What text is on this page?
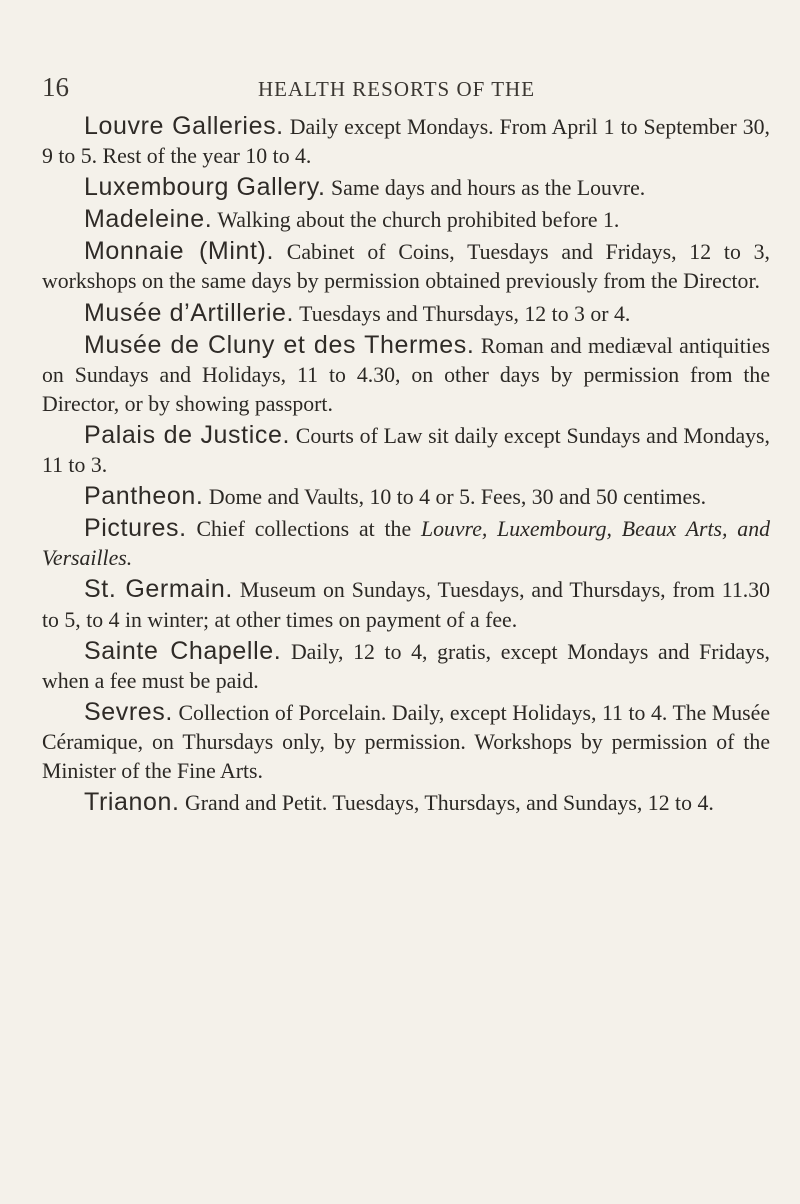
16	HEALTH RESORTS OF THE

Louvre Galleries. Daily except Mondays. From April 1 to September 30, 9 to 5. Rest of the year 10 to 4.

Luxembourg Gallery. Same days and hours as the Louvre.

Madeleine. Walking about the church prohibited before 1.

Monnaie (Mint). Cabinet of Coins, Tuesdays and Fridays, 12 to 3, workshops on the same days by permission obtained previously from the Director.

Musée d’Artillerie. Tuesdays and Thursdays, 12 to 3 or 4.

Musée de Cluny et des Thermes. Roman and mediæval antiquities on Sundays and Holidays, 11 to 4.30, on other days by permission from the Director, or by showing passport.

Palais de Justice. Courts of Law sit daily except Sundays and Mondays, 11 to 3.

Pantheon. Dome and Vaults, 10 to 4 or 5. Fees, 30 and 50 centimes.

Pictures. Chief collections at the Louvre, Luxembourg, Beaux Arts, and Versailles.

St. Germain. Museum on Sundays, Tuesdays, and Thursdays, from 11.30 to 5, to 4 in winter; at other times on payment of a fee.

Sainte Chapelle. Daily, 12 to 4, gratis, except Mondays and Fridays, when a fee must be paid.

Sevres. Collection of Porcelain. Daily, except Holidays, 11 to 4. The Musée Céramique, on Thursdays only, by permission. Workshops by permission of the Minister of the Fine Arts.

Trianon. Grand and Petit. Tuesdays, Thursdays, and Sundays, 12 to 4.
